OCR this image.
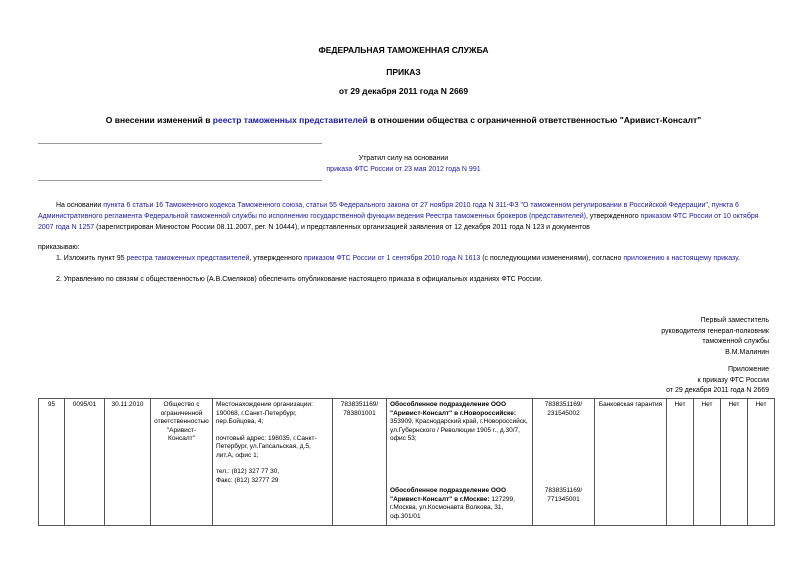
ФЕДЕРАЛЬНАЯ ТАМОЖЕННАЯ СЛУЖБА
ПРИКАЗ
от 29 декабря 2011 года N 2669
О внесении изменений в реестр таможенных представителей в отношении общества с ограниченной ответственностью "Аривист-Консалт"
Утратил силу на основании
приказа ФТС России от 23 мая 2012 года N 991
На основании пункта 6 статьи 16 Таможенного кодекса Таможенного союза, статьи 55 Федерального закона от 27 ноября 2010 года N 311-ФЗ "О таможенном регулировании в Российской Федерации", пункта 6 Административного регламента Федеральной таможенной службы по исполнению государственной функции ведения Реестра таможенных брокеров (представителей), утвержденного приказом ФТС России от 10 октября 2007 года N 1257 (зарегистрирован Минюстом России 08.11.2007, рег. N 10444), и представленных организацией заявления от 12 декабря 2011 года N 123 и документов
приказываю:
1. Изложить пункт 95 реестра таможенных представителей, утвержденного приказом ФТС России от 1 сентября 2010 года N 1613 (с последующими изменениями), согласно приложению к настоящему приказу.
2. Управлению по связям с общественностью (А.В.Смеляков) обеспечить опубликование настоящего приказа в официальных изданиях ФТС России.
Первый заместитель
руководителя генерал-полковник
таможенной службы
В.М.Малинин
Приложение
к приказу ФТС России
от 29 декабря 2011 года N 2669
95	0095/01	30.11.2010	Общество с ограниченной ответственностью "Аривист-Консалт"	Местонахождение организации:
190068, г.Санкт-Петербург, пер.Бойцова, 4;
почтовый адрес: 198035, г.Санкт-Петербург, ул.Гапсальская, д.5, лит.А, офис 1;
тел.: (812) 327 77 30,
Факс: (812) 32777 29	7838351169/ 783801001	Обособленное подразделение ООО "Аривист-Консалт" в г.Новороссийске: 353909, Краснодарский край, г.Новороссийск, ул.Губернского / Революции 1905 г., д.30/7, офис 53;	7838351169/ 231545002	Банковская гарантия	Нет	Нет	Нет	Нет
						Обособленное подразделение ООО "Аривист-Консалт" в г.Москве: 127299, г.Москва, ул.Космонавта Волкова, 31, оф.301/01	7838351169/ 771345001					
